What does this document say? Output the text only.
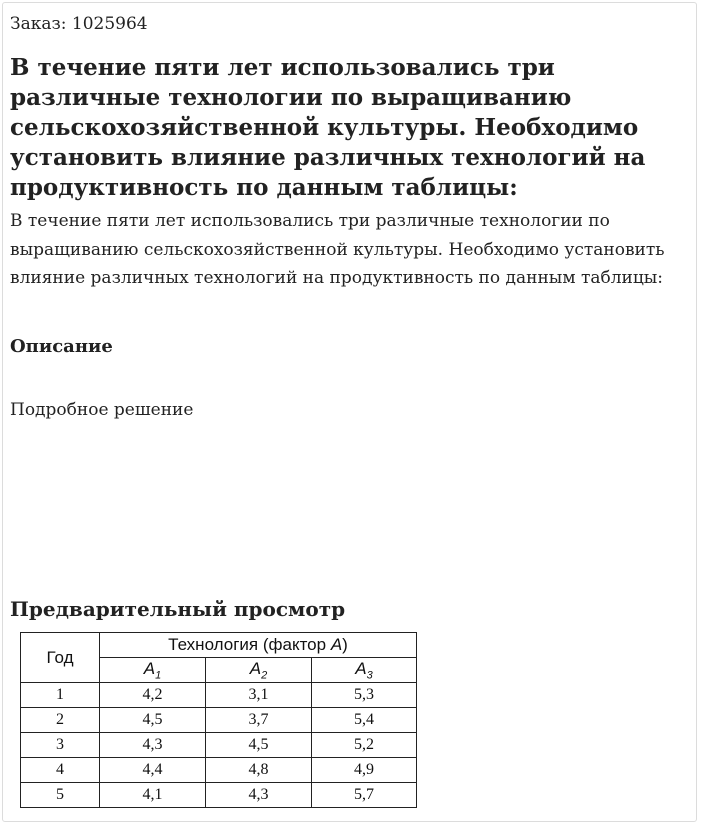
Заказ: 1025964
В течение пяти лет использовались три различные технологии по выращиванию сельскохозяйственной культуры. Необходимо установить влияние различных технологий на продуктивность по данным таблицы:

В течение пяти лет использовались три различные технологии по выращиванию сельскохозяйственной культуры. Необходимо установить влияние различных технологий на продуктивность по данным таблицы:

Описание
Подробное решение
Предварительный просмотр
Год	Технология (фактор A)		
	$A_1$	$A_2$	$A_3$
1	4,2	3,1	5,3
2	4,5	3,7	5,4
3	4,3	4,5	5,2
4	4,4	4,8	4,9
5	4,1	4,3	5,7
